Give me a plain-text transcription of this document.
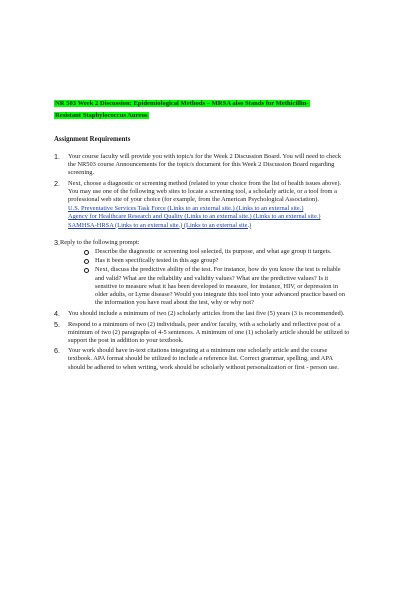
NR 503 Week 2 Discussion: Epidemiological Methods – MRSA also Stands for Methicillin-Resistant Staphylococcus Aureus
Assignment Requirements
1.	Your course faculty will provide you with topic/s for the Week 2 Discussion Board. You will need to check the NR503 course Announcements for the topic/s document for this Week 2 Discussion Board regarding screening.
2.	Next, choose a diagnostic or screening method (related to your choice from the list of health issues above). You may use one of the following web sites to locate a screening tool, a scholarly article, or a tool from a professional web site of your choice (for example, from the American Psychological Association).
U.S. Preventative Services Task Force (Links to an external site.) (Links to an external site.)
Agency for Healthcare Research and Quality (Links to an external site.) (Links to an external site.)
SAMHSA-HRSA (Links to an external site.) (Links to an external site.)
3. Reply to the following prompt:
Describe the diagnostic or screening tool selected, its purpose, and what age group it targets.
Has it been specifically tested in this age group?
Next, discuss the predictive ability of the test. For instance, how do you know the test is reliable and valid? What are the reliability and validity values? What are the predictive values? Is it sensitive to measure what it has been developed to measure, for instance, HIV, or depression in older adults, or Lyme disease? Would you integrate this tool into your advanced practice based on the information you have read about the test, why or why not?
4.	You should include a minimum of two (2) scholarly articles from the last five (5) years (3 is recommended).
5.	Respond to a minimum of two (2) individuals, peer and/or faculty, with a scholarly and reflective post of a minimum of two (2) paragraphs of 4-5 sentences. A minimum of one (1) scholarly article should be utilized to support the post in addition to your textbook.
6.	Your work should have in-text citations integrating at a minimum one scholarly article and the course textbook. APA format should be utilized to include a reference list. Correct grammar, spelling, and APA should be adhered to when writing, work should be scholarly without personalization or first - person use.
